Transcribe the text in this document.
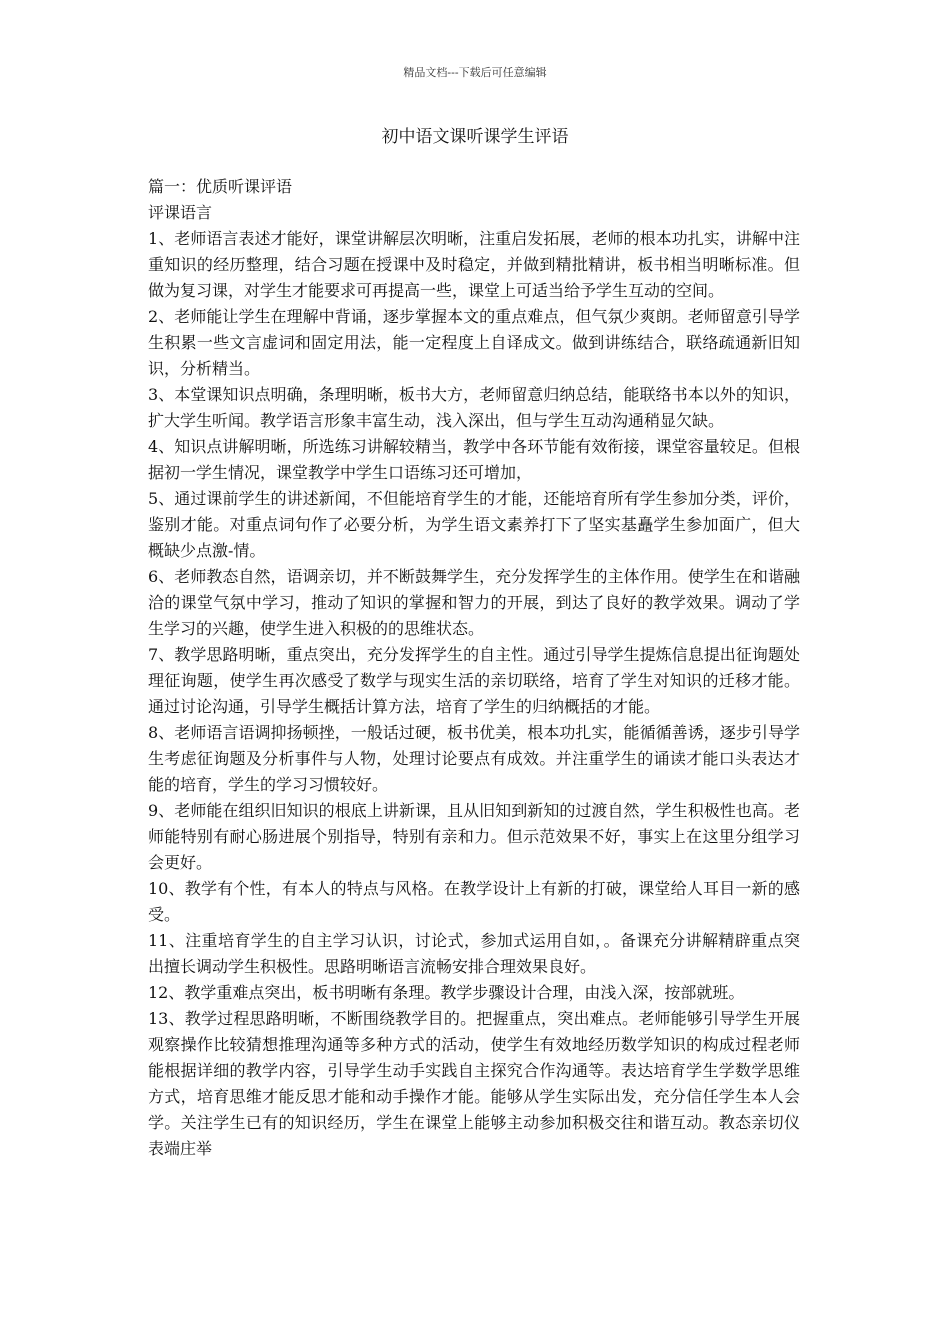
精品文档---下载后可任意编辑
初中语文课听课学生评语

篇一：优质听课评语

评课语言

1、老师语言表述才能好，课堂讲解层次明晰，注重启发拓展，老师的根本功扎实，讲解中注重知识的经历整理，结合习题在授课中及时稳定，并做到精批精讲，板书相当明晰标准。但做为复习课，对学生才能要求可再提高一些，课堂上可适当给予学生互动的空间。

2、老师能让学生在理解中背诵，逐步掌握本文的重点难点，但气氛少爽朗。老师留意引导学生积累一些文言虚词和固定用法，能一定程度上自译成文。做到讲练结合，联络疏通新旧知识，分析精当。

3、本堂课知识点明确，条理明晰，板书大方，老师留意归纳总结，能联络书本以外的知识，扩大学生听闻。教学语言形象丰富生动，浅入深出，但与学生互动沟通稍显欠缺。

4、知识点讲解明晰，所选练习讲解较精当，教学中各环节能有效衔接，课堂容量较足。但根据初一学生情况，课堂教学中学生口语练习还可增加，

5、通过课前学生的讲述新闻，不但能培育学生的才能，还能培育所有学生参加分类，评价，鉴别才能。对重点词句作了必要分析，为学生语文素养打下了坚实基矗学生参加面广，但大概缺少点激-情。

6、老师教态自然，语调亲切，并不断鼓舞学生，充分发挥学生的主体作用。使学生在和谐融洽的课堂气氛中学习，推动了知识的掌握和智力的开展，到达了良好的教学效果。调动了学生学习的兴趣，使学生进入积极的的思维状态。

7、教学思路明晰，重点突出，充分发挥学生的自主性。通过引导学生提炼信息提出征询题处理征询题，使学生再次感受了数学与现实生活的亲切联络，培育了学生对知识的迁移才能。通过讨论沟通，引导学生概括计算方法，培育了学生的归纳概括的才能。

8、老师语言语调抑扬顿挫，一般话过硬，板书优美，根本功扎实，能循循善诱，逐步引导学生考虑征询题及分析事件与人物，处理讨论要点有成效。并注重学生的诵读才能口头表达才能的培育，学生的学习习惯较好。

9、老师能在组织旧知识的根底上讲新课，且从旧知到新知的过渡自然，学生积极性也高。老师能特别有耐心肠进展个别指导，特别有亲和力。但示范效果不好，事实上在这里分组学习会更好。

10、教学有个性，有本人的特点与风格。在教学设计上有新的打破，课堂给人耳目一新的感受。

11、注重培育学生的自主学习认识，讨论式，参加式运用自如，。备课充分讲解精辟重点突出擅长调动学生积极性。思路明晰语言流畅安排合理效果良好。

12、教学重难点突出，板书明晰有条理。教学步骤设计合理，由浅入深，按部就班。

13、教学过程思路明晰，不断围绕教学目的。把握重点，突出难点。老师能够引导学生开展观察操作比较猜想推理沟通等多种方式的活动，使学生有效地经历数学知识的构成过程老师能根据详细的教学内容，引导学生动手实践自主探究合作沟通等。表达培育学生学数学思维方式，培育思维才能反思才能和动手操作才能。能够从学生实际出发，充分信任学生本人会学。关注学生已有的知识经历，学生在课堂上能够主动参加积极交往和谐互动。教态亲切仪表端庄举
